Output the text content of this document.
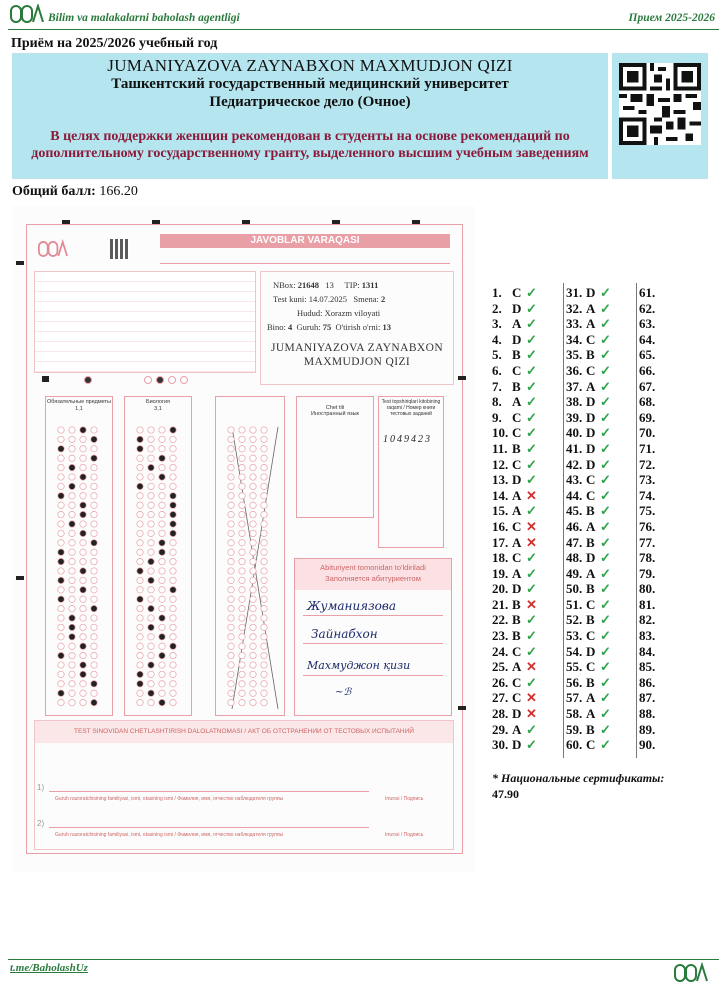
Bilim va malakalarni baholash agentligi	Прием 2025-2026
Приём на 2025/2026 учебный год
JUMANIYAZOVA ZAYNABXON MAXMUDJON QIZI
Ташкентский государственный медицинский университет
Педиатрическое дело (Очное)
В целях поддержки женщин рекомендован в студенты на основе рекомендаций по дополнительному государственному гранту, выделенного высшим учебным заведениям
Общий балл: 166.20
JAVOBLAR VARAQASI
NBox: 21648 13 TIP: 1311
Test kuni: 14.07.2025 Smena: 2
Hudud: Xorazm viloyati
Bino: 4 Guruh: 75 O'tirish o'rni: 13
JUMANIYAZOVA ZAYNABXON
MAXMUDJON QIZI
Обязательные предметы
1,1
Биология
3,1	Chet tili
Иностранный язык
Test topshiriqlari kitobining raqami / Номер книги тестовых заданий
1049423
Abituriyent tomonidan to'ldiriladi
Заполняется абитуриентом
Жуманиязова
Зайнабхон
Махмуджон қизи
~ℬ
TEST SINOVIDAN CHETLASHTIRISH DALOLATNOMASI / АКТ ОБ ОТСТРАНЕНИИ ОТ ТЕСТОВЫХ ИСПЫТАНИЙ
1)
Guruh nazoratchisining familiyasi, ismi, otasining ismi / Фамилия, имя, отчество наблюдателя группы	Imzosi / Подпись
2)
Guruh nazoratchisining familiyasi, ismi, otasining ismi / Фамилия, имя, отчество наблюдателя группы	Imzosi / Подпись
1. C ✓
2. D ✓
3. A ✓
4. D ✓
5. B ✓
6. C ✓
7. B ✓
8. A ✓
9. C ✓
10. C ✓
11. B ✓
12. C ✓
13. D ✓
14. A ✕
15. A ✓
16. C ✕
17. A ✕
18. C ✓
19. A ✓
20. D ✓
21. B ✕
22. B ✓
23. B ✓
24. C ✓
25. A ✕
26. C ✓
27. C ✕
28. D ✕
29. A ✓
30. D ✓
31. D ✓
32. A ✓
33. A ✓
34. C ✓
35. B ✓
36. C ✓
37. A ✓
38. D ✓
39. D ✓
40. D ✓
41. D ✓
42. D ✓
43. C ✓
44. C ✓
45. B ✓
46. A ✓
47. B ✓
48. D ✓
49. A ✓
50. B ✓
51. C ✓
52. B ✓
53. C ✓
54. D ✓
55. C ✓
56. B ✓
57. A ✓
58. A ✓
59. B ✓
60. C ✓
61.
62.
63.
64.
65.
66.
67.
68.
69.
70.
71.
72.
73.
74.
75.
76.
77.
78.
79.
80.
81.
82.
83.
84.
85.
86.
87.
88.
89.
90.
* Национальные сертификаты:
47.90
t.me/BaholashUz
